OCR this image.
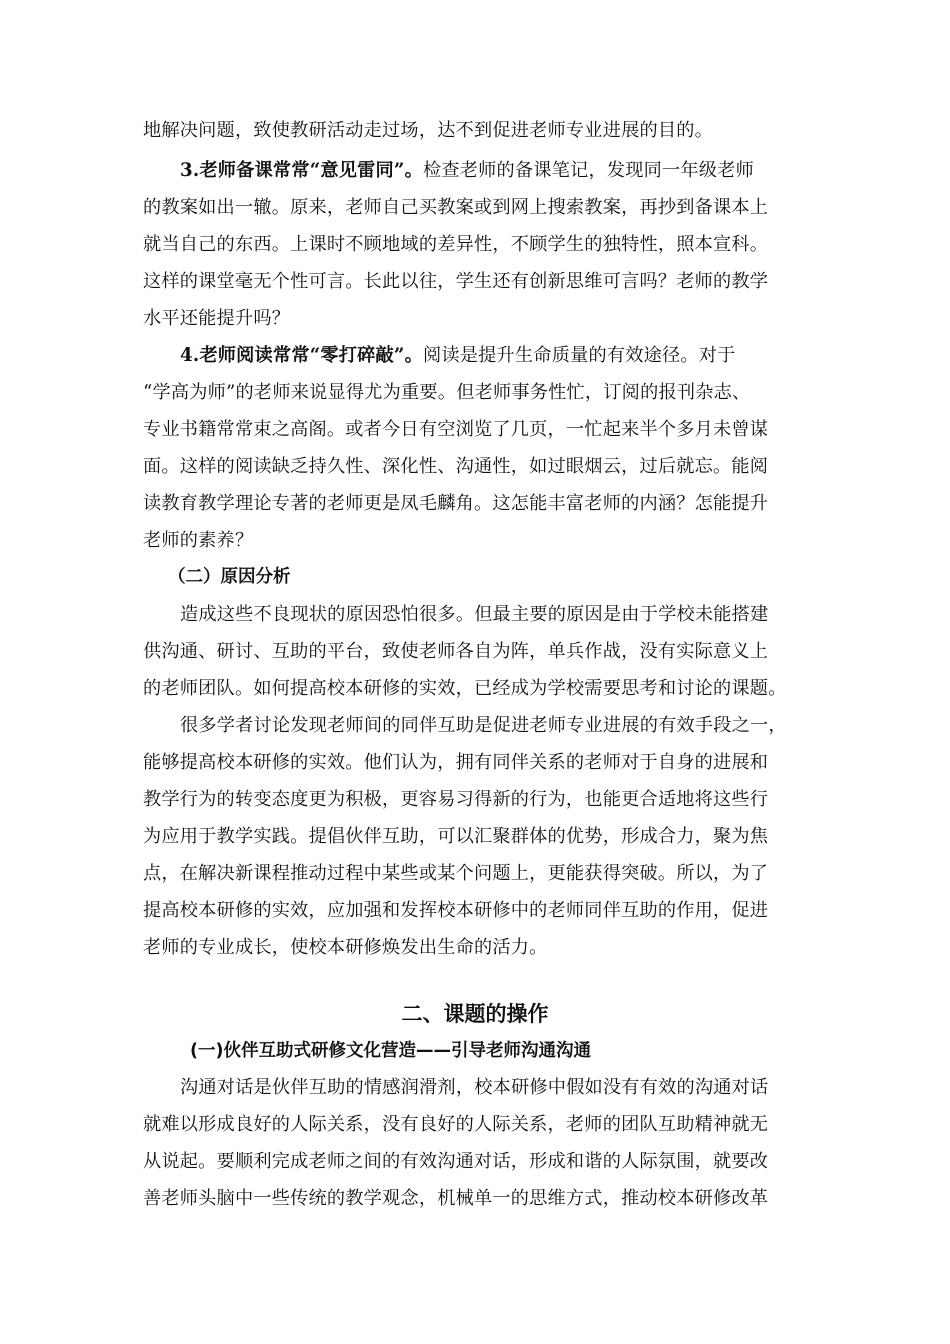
地解决问题，致使教研活动走过场，达不到促进老师专业进展的目的。
3.老师备课常常“意见雷同”。检查老师的备课笔记，发现同一年级老师
的教案如出一辙。原来，老师自己买教案或到网上搜索教案，再抄到备课本上
就当自己的东西。上课时不顾地域的差异性，不顾学生的独特性，照本宣科。
这样的课堂毫无个性可言。长此以往，学生还有创新思维可言吗？老师的教学
水平还能提升吗？
4.老师阅读常常“零打碎敲”。阅读是提升生命质量的有效途径。对于
“学高为师”的老师来说显得尤为重要。但老师事务性忙，订阅的报刊杂志、
专业书籍常常束之高阁。或者今日有空浏览了几页，一忙起来半个多月未曾谋
面。这样的阅读缺乏持久性、深化性、沟通性，如过眼烟云，过后就忘。能阅
读教育教学理论专著的老师更是凤毛麟角。这怎能丰富老师的内涵？怎能提升
老师的素养？
（二）原因分析
造成这些不良现状的原因恐怕很多。但最主要的原因是由于学校未能搭建
供沟通、研讨、互助的平台，致使老师各自为阵，单兵作战，没有实际意义上
的老师团队。如何提高校本研修的实效，已经成为学校需要思考和讨论的课题。
很多学者讨论发现老师间的同伴互助是促进老师专业进展的有效手段之一，
能够提高校本研修的实效。他们认为，拥有同伴关系的老师对于自身的进展和
教学行为的转变态度更为积极，更容易习得新的行为，也能更合适地将这些行
为应用于教学实践。提倡伙伴互助，可以汇聚群体的优势，形成合力，聚为焦
点，在解决新课程推动过程中某些或某个问题上，更能获得突破。所以，为了
提高校本研修的实效，应加强和发挥校本研修中的老师同伴互助的作用，促进
老师的专业成长，使校本研修焕发出生命的活力。
二、课题的操作
(一)伙伴互助式研修文化营造——引导老师沟通沟通
沟通对话是伙伴互助的情感润滑剂，校本研修中假如没有有效的沟通对话
就难以形成良好的人际关系，没有良好的人际关系，老师的团队互助精神就无
从说起。要顺利完成老师之间的有效沟通对话，形成和谐的人际氛围，就要改
善老师头脑中一些传统的教学观念，机械单一的思维方式，推动校本研修改革
